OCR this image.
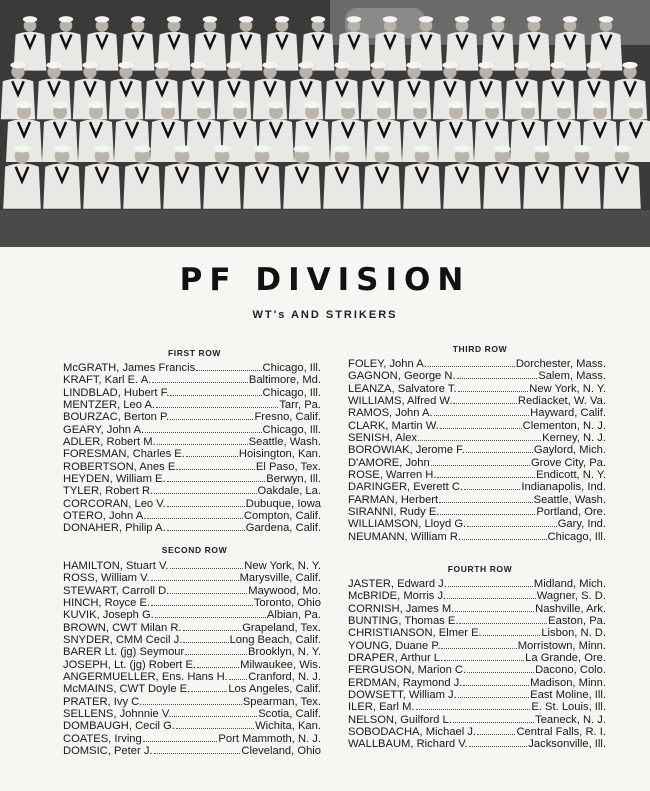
PF DIVISION
WT's AND STRIKERS
FIRST ROW
McGRATH, James Francis	Chicago, Ill.
KRAFT, Karl E. A.	Baltimore, Md.
LINDBLAD, Hubert F.	Chicago, Ill.
MENTZER, Leo A.	Tarr, Pa.
BOURZAC, Berton P.	Fresno, Calif.
GEARY, John A.	Chicago, Ill.
ADLER, Robert M.	Seattle, Wash.
FORESMAN, Charles E.	Hoisington, Kan.
ROBERTSON, Anes E.	El Paso, Tex.
HEYDEN, William E.	Berwyn, Ill.
TYLER, Robert R.	Oakdale, La.
CORCORAN, Leo V.	Dubuque, Iowa
OTERO, John A.	Compton, Calif.
DONAHER, Philip A.	Gardena, Calif.
SECOND ROW
HAMILTON, Stuart V.	New York, N. Y.
ROSS, William V.	Marysville, Calif.
STEWART, Carroll D.	Maywood, Mo.
HINCH, Royce E.	Toronto, Ohio
KUVIK, Joseph G.	Albian, Pa.
BROWN, CWT Milan R.	Grapeland, Tex.
SNYDER, CMM Cecil J.	Long Beach, Calif.
BARER Lt. (jg) Seymour	Brooklyn, N. Y.
JOSEPH, Lt. (jg) Robert E.	Milwaukee, Wis.
ANGERMUELLER, Ens. Hans H. Cranford, N. J.
McMAINS, CWT Doyle E.	Los Angeles, Calif.
PRATER, Ivy C.	Spearman, Tex.
SELLENS, Johnnie V.	Scotia, Calif.
DOMBAUGH, Cecil G.	Wichita, Kan.
COATES, Irving	Port Mammoth, N. J.
DOMSIC, Peter J.	Cleveland, Ohio
THIRD ROW
FOLEY, John A.	Dorchester, Mass.
GAGNON, George N.	Salem, Mass.
LEANZA, Salvatore T.	New York, N. Y.
WILLIAMS, Alfred W.	Rediacket, W. Va.
RAMOS, John A.	Hayward, Calif.
CLARK, Martin W.	Clementon, N. J.
SENISH, Alex	Kerney, N. J.
BOROWIAK, Jerome F.	Gaylord, Mich.
D'AMORE, John	Grove City, Pa.
ROSE, Warren H.	Endicott, N. Y.
DARINGER, Everett C.	Indianapolis, Ind.
FARMAN, Herbert	Seattle, Wash.
SIRANNI, Rudy E.	Portland, Ore.
WILLIAMSON, Lloyd G.	Gary, Ind.
NEUMANN, William R.	Chicago, Ill.
FOURTH ROW
JASTER, Edward J.	Midland, Mich.
McBRIDE, Morris J.	Wagner, S. D.
CORNISH, James M.	Nashville, Ark.
BUNTING, Thomas E.	Easton, Pa.
CHRISTIANSON, Elmer E.	Lisbon, N. D.
YOUNG, Duane P.	Morristown, Minn.
DRAPER, Arthur L.	La Grande, Ore.
FERGUSON, Marion C.	Dacono, Colo.
ERDMAN, Raymond J.	Madison, Minn.
DOWSETT, William J.	East Moline, Ill.
ILER, Earl M.	E. St. Louis, Ill.
NELSON, Guilford L.	Teaneck, N. J.
SOBODACHA, Michael J.	Central Falls, R. I.
WALLBAUM, Richard V.	Jacksonville, Ill.
